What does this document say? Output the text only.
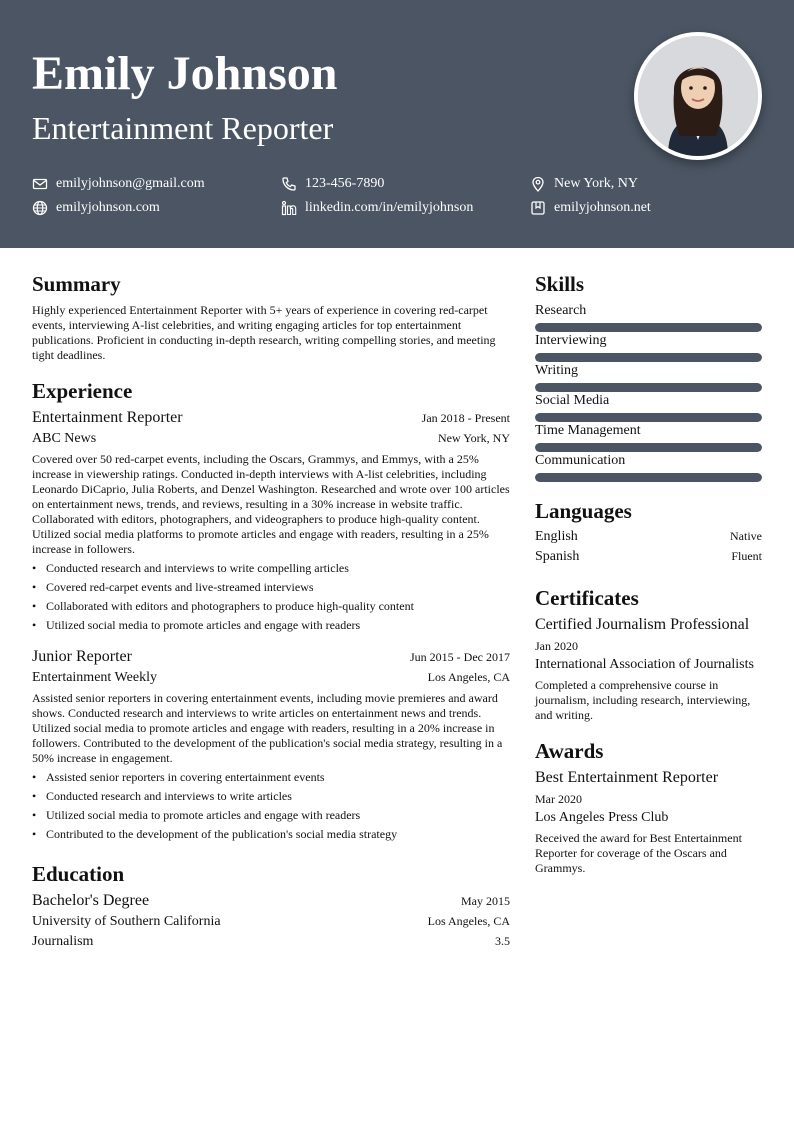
Emily Johnson
Entertainment Reporter
emilyjohnson@gmail.com	123-456-7890	New York, NY
emilyjohnson.com	linkedin.com/in/emilyjohnson	emilyjohnson.net
Summary
Highly experienced Entertainment Reporter with 5+ years of experience in covering red-carpet events, interviewing A-list celebrities, and writing engaging articles for top entertainment publications. Proficient in conducting in-depth research, writing compelling stories, and meeting tight deadlines.
Experience
Entertainment Reporter	Jan 2018 - Present
ABC News	New York, NY
Covered over 50 red-carpet events, including the Oscars, Grammys, and Emmys, with a 25% increase in viewership ratings. Conducted in-depth interviews with A-list celebrities, including Leonardo DiCaprio, Julia Roberts, and Denzel Washington. Researched and wrote over 100 articles on entertainment news, trends, and reviews, resulting in a 30% increase in website traffic. Collaborated with editors, photographers, and videographers to produce high-quality content. Utilized social media platforms to promote articles and engage with readers, resulting in a 25% increase in followers.
• Conducted research and interviews to write compelling articles
• Covered red-carpet events and live-streamed interviews
• Collaborated with editors and photographers to produce high-quality content
• Utilized social media to promote articles and engage with readers
Junior Reporter	Jun 2015 - Dec 2017
Entertainment Weekly	Los Angeles, CA
Assisted senior reporters in covering entertainment events, including movie premieres and award shows. Conducted research and interviews to write articles on entertainment news and trends. Utilized social media to promote articles and engage with readers, resulting in a 20% increase in followers. Contributed to the development of the publication's social media strategy, resulting in a 50% increase in engagement.
• Assisted senior reporters in covering entertainment events
• Conducted research and interviews to write articles
• Utilized social media to promote articles and engage with readers
• Contributed to the development of the publication's social media strategy
Education
Bachelor's Degree	May 2015
University of Southern California	Los Angeles, CA
Journalism	3.5
Skills
Research
Interviewing
Writing
Social Media
Time Management
Communication
Languages
English	Native
Spanish	Fluent
Certificates
Certified Journalism Professional
Jan 2020
International Association of Journalists
Completed a comprehensive course in journalism, including research, interviewing, and writing.
Awards
Best Entertainment Reporter
Mar 2020
Los Angeles Press Club
Received the award for Best Entertainment Reporter for coverage of the Oscars and Grammys.
